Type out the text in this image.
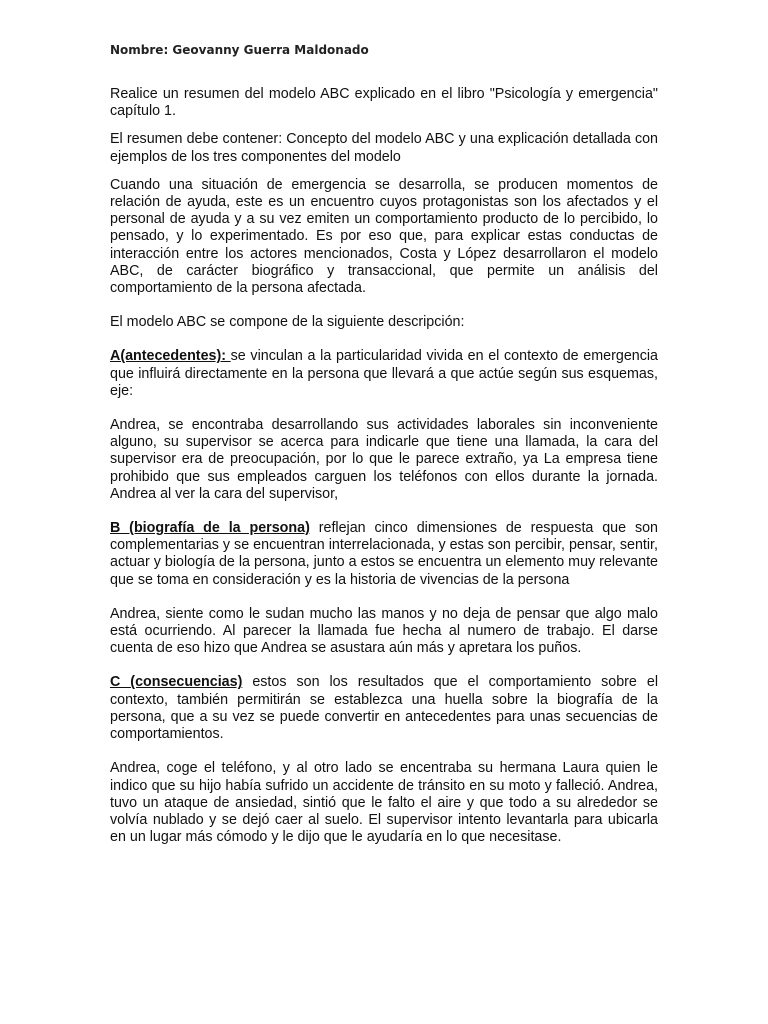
Nombre: Geovanny Guerra Maldonado

Realice un resumen del modelo ABC explicado en el libro "Psicología y emergencia" capítulo 1.

El resumen debe contener: Concepto del modelo ABC y una explicación detallada con ejemplos de los tres componentes del modelo

Cuando una situación de emergencia se desarrolla, se producen momentos de relación de ayuda, este es un encuentro cuyos protagonistas son los afectados y el personal de ayuda y a su vez emiten un comportamiento producto de lo percibido, lo pensado, y lo experimentado. Es por eso que, para explicar estas conductas de interacción entre los actores mencionados, Costa y López desarrollaron el modelo ABC, de carácter biográfico y transaccional, que permite un análisis del comportamiento de la persona afectada.

El modelo ABC se compone de la siguiente descripción:

A(antecedentes): se vinculan a la particularidad vivida en el contexto de emergencia que influirá directamente en la persona que llevará a que actúe según sus esquemas, eje:

Andrea, se encontraba desarrollando sus actividades laborales sin inconveniente alguno, su supervisor se acerca para indicarle que tiene una llamada, la cara del supervisor era de preocupación, por lo que le parece extraño, ya La empresa tiene prohibido que sus empleados carguen los teléfonos con ellos durante la jornada. Andrea al ver la cara del supervisor,

B (biografía de la persona) reflejan cinco dimensiones de respuesta que son complementarias y se encuentran interrelacionada, y estas son percibir, pensar, sentir, actuar y biología de la persona, junto a estos se encuentra un elemento muy relevante que se toma en consideración y es la historia de vivencias de la persona

Andrea, siente como le sudan mucho las manos y no deja de pensar que algo malo está ocurriendo. Al parecer la llamada fue hecha al numero de trabajo. El darse cuenta de eso hizo que Andrea se asustara aún más y apretara los puños.

C (consecuencias) estos son los resultados que el comportamiento sobre el contexto, también permitirán se establezca una huella sobre la biografía de la persona, que a su vez se puede convertir en antecedentes para unas secuencias de comportamientos.

Andrea, coge el teléfono, y al otro lado se encentraba su hermana Laura quien le indico que su hijo había sufrido un accidente de tránsito en su moto y falleció. Andrea, tuvo un ataque de ansiedad, sintió que le falto el aire y que todo a su alrededor se volvía nublado y se dejó caer al suelo. El supervisor intento levantarla para ubicarla en un lugar más cómodo y le dijo que le ayudaría en lo que necesitase.
